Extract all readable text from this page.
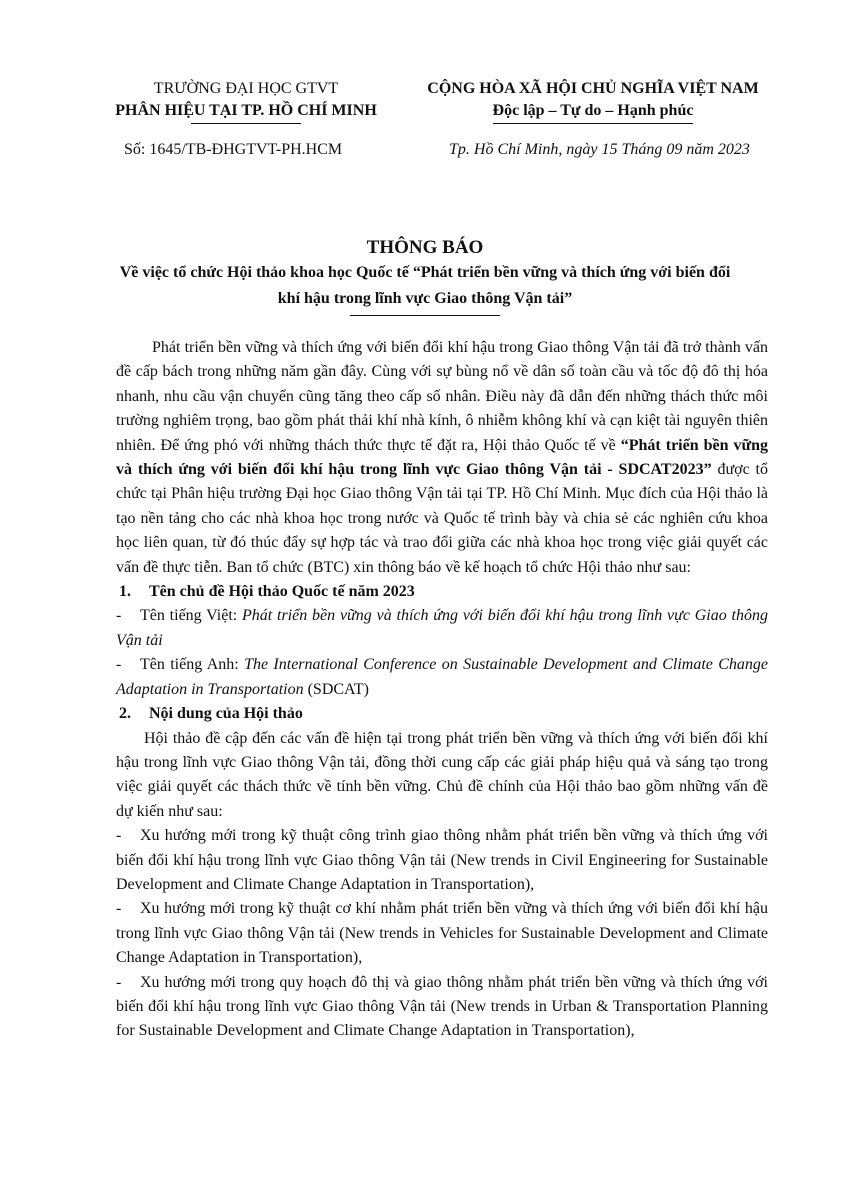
TRƯỜNG ĐẠI HỌC GTVT
PHÂN HIỆU TẠI TP. HỒ CHÍ MINH
CỘNG HÒA XÃ HỘI CHỦ NGHĨA VIỆT NAM
Độc lập – Tự do – Hạnh phúc
Số: 1645/TB-ĐHGTVT-PH.HCM	Tp. Hồ Chí Minh, ngày 15 Tháng 09 năm 2023
THÔNG BÁO
Về việc tổ chức Hội thảo khoa học Quốc tế “Phát triển bền vững và thích ứng với biến đổi
khí hậu trong lĩnh vực Giao thông Vận tải”

Phát triển bền vững và thích ứng với biến đổi khí hậu trong Giao thông Vận tải đã trở thành vấn đề cấp bách trong những năm gần đây. Cùng với sự bùng nổ về dân số toàn cầu và tốc độ đô thị hóa nhanh, nhu cầu vận chuyển cũng tăng theo cấp số nhân. Điều này đã dẫn đến những thách thức môi trường nghiêm trọng, bao gồm phát thải khí nhà kính, ô nhiễm không khí và cạn kiệt tài nguyên thiên nhiên. Để ứng phó với những thách thức thực tế đặt ra, Hội thảo Quốc tế về “Phát triển bền vững và thích ứng với biến đổi khí hậu trong lĩnh vực Giao thông Vận tải - SDCAT2023” được tổ chức tại Phân hiệu trường Đại học Giao thông Vận tải tại TP. Hồ Chí Minh. Mục đích của Hội thảo là tạo nền tảng cho các nhà khoa học trong nước và Quốc tế trình bày và chia sẻ các nghiên cứu khoa học liên quan, từ đó thúc đẩy sự hợp tác và trao đổi giữa các nhà khoa học trong việc giải quyết các vấn đề thực tiễn. Ban tổ chức (BTC) xin thông báo về kế hoạch tổ chức Hội thảo như sau:

1. Tên chủ đề Hội thảo Quốc tế năm 2023

- Tên tiếng Việt: Phát triển bền vững và thích ứng với biến đổi khí hậu trong lĩnh vực Giao thông Vận tải

- Tên tiếng Anh: The International Conference on Sustainable Development and Climate Change Adaptation in Transportation (SDCAT)

2. Nội dung của Hội thảo

Hội thảo đề cập đến các vấn đề hiện tại trong phát triển bền vững và thích ứng với biến đổi khí hậu trong lĩnh vực Giao thông Vận tải, đồng thời cung cấp các giải pháp hiệu quả và sáng tạo trong việc giải quyết các thách thức về tính bền vững. Chủ đề chính của Hội thảo bao gồm những vấn đề dự kiến như sau:

- Xu hướng mới trong kỹ thuật công trình giao thông nhằm phát triển bền vững và thích ứng với biến đổi khí hậu trong lĩnh vực Giao thông Vận tải (New trends in Civil Engineering for Sustainable Development and Climate Change Adaptation in Transportation),

- Xu hướng mới trong kỹ thuật cơ khí nhằm phát triển bền vững và thích ứng với biến đổi khí hậu trong lĩnh vực Giao thông Vận tải (New trends in Vehicles for Sustainable Development and Climate Change Adaptation in Transportation),

- Xu hướng mới trong quy hoạch đô thị và giao thông nhằm phát triển bền vững và thích ứng với biến đổi khí hậu trong lĩnh vực Giao thông Vận tải (New trends in Urban & Transportation Planning for Sustainable Development and Climate Change Adaptation in Transportation),
